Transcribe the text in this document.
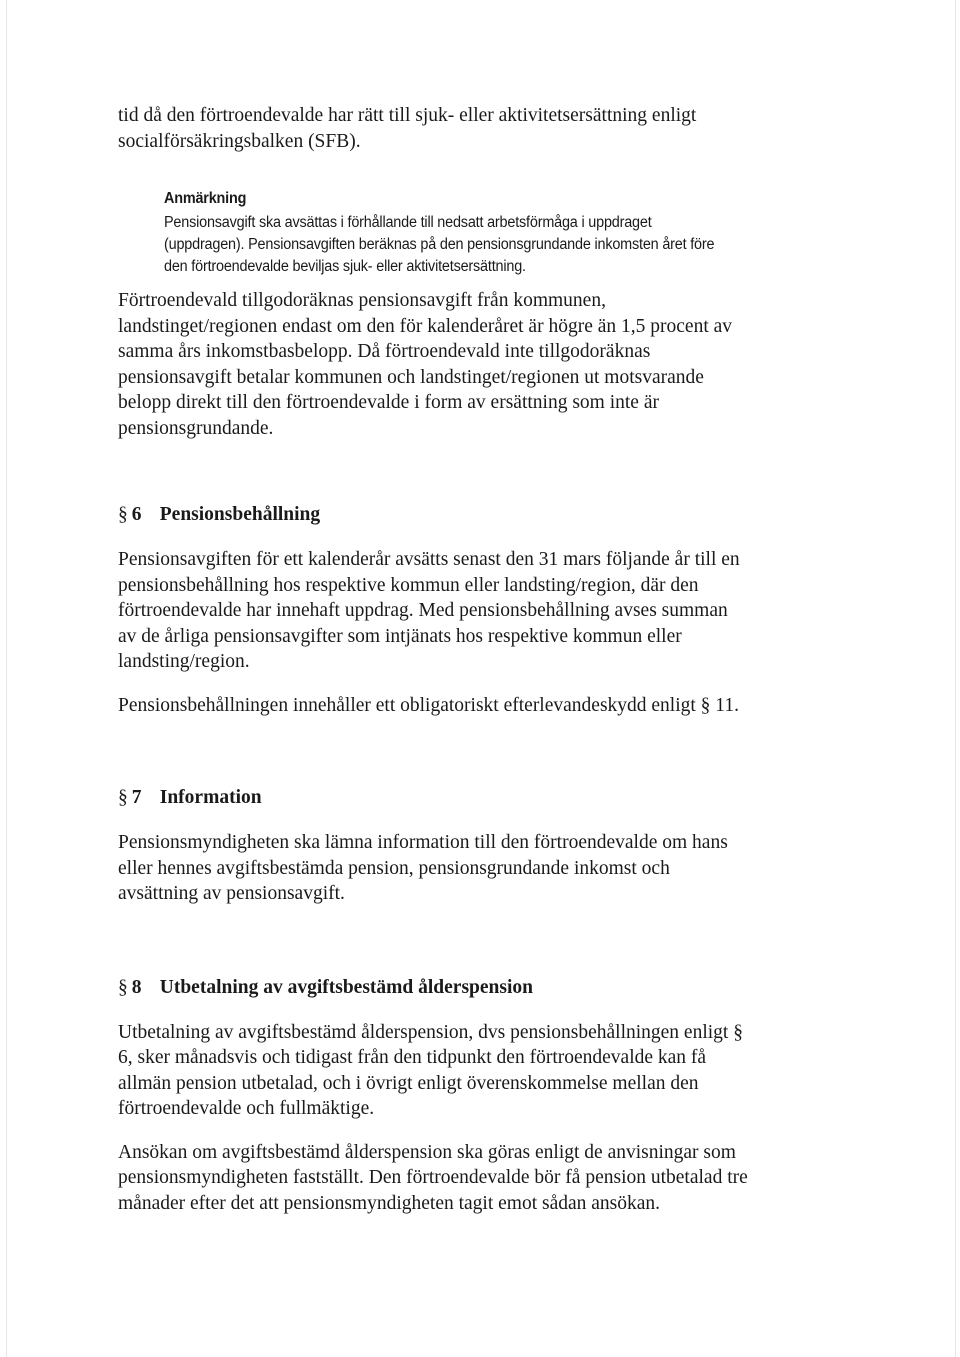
tid då den förtroendevalde har rätt till sjuk- eller aktivitetsersättning enligt
socialförsäkringsbalken (SFB).

Anmärkning

Pensionsavgift ska avsättas i förhållande till nedsatt arbetsförmåga i uppdraget
(uppdragen). Pensionsavgiften beräknas på den pensionsgrundande inkomsten året före
den förtroendevalde beviljas sjuk- eller aktivitetsersättning.

Förtroendevald tillgodoräknas pensionsavgift från kommunen,
landstinget/regionen endast om den för kalenderåret är högre än 1,5 procent av
samma års inkomstbasbelopp. Då förtroendevald inte tillgodoräknas
pensionsavgift betalar kommunen och landstinget/regionen ut motsvarande
belopp direkt till den förtroendevalde i form av ersättning som inte är
pensionsgrundande.

§ 6 Pensionsbehållning

Pensionsavgiften för ett kalenderår avsätts senast den 31 mars följande år till en
pensionsbehållning hos respektive kommun eller landsting/region, där den
förtroendevalde har innehaft uppdrag. Med pensionsbehållning avses summan
av de årliga pensionsavgifter som intjänats hos respektive kommun eller
landsting/region.

Pensionsbehållningen innehåller ett obligatoriskt efterlevandeskydd enligt § 11.

§ 7 Information

Pensionsmyndigheten ska lämna information till den förtroendevalde om hans
eller hennes avgiftsbestämda pension, pensionsgrundande inkomst och
avsättning av pensionsavgift.

§ 8 Utbetalning av avgiftsbestämd ålderspension

Utbetalning av avgiftsbestämd ålderspension, dvs pensionsbehållningen enligt §
6, sker månadsvis och tidigast från den tidpunkt den förtroendevalde kan få
allmän pension utbetalad, och i övrigt enligt överenskommelse mellan den
förtroendevalde och fullmäktige.

Ansökan om avgiftsbestämd ålderspension ska göras enligt de anvisningar som
pensionsmyndigheten fastställt. Den förtroendevalde bör få pension utbetalad tre
månader efter det att pensionsmyndigheten tagit emot sådan ansökan.
